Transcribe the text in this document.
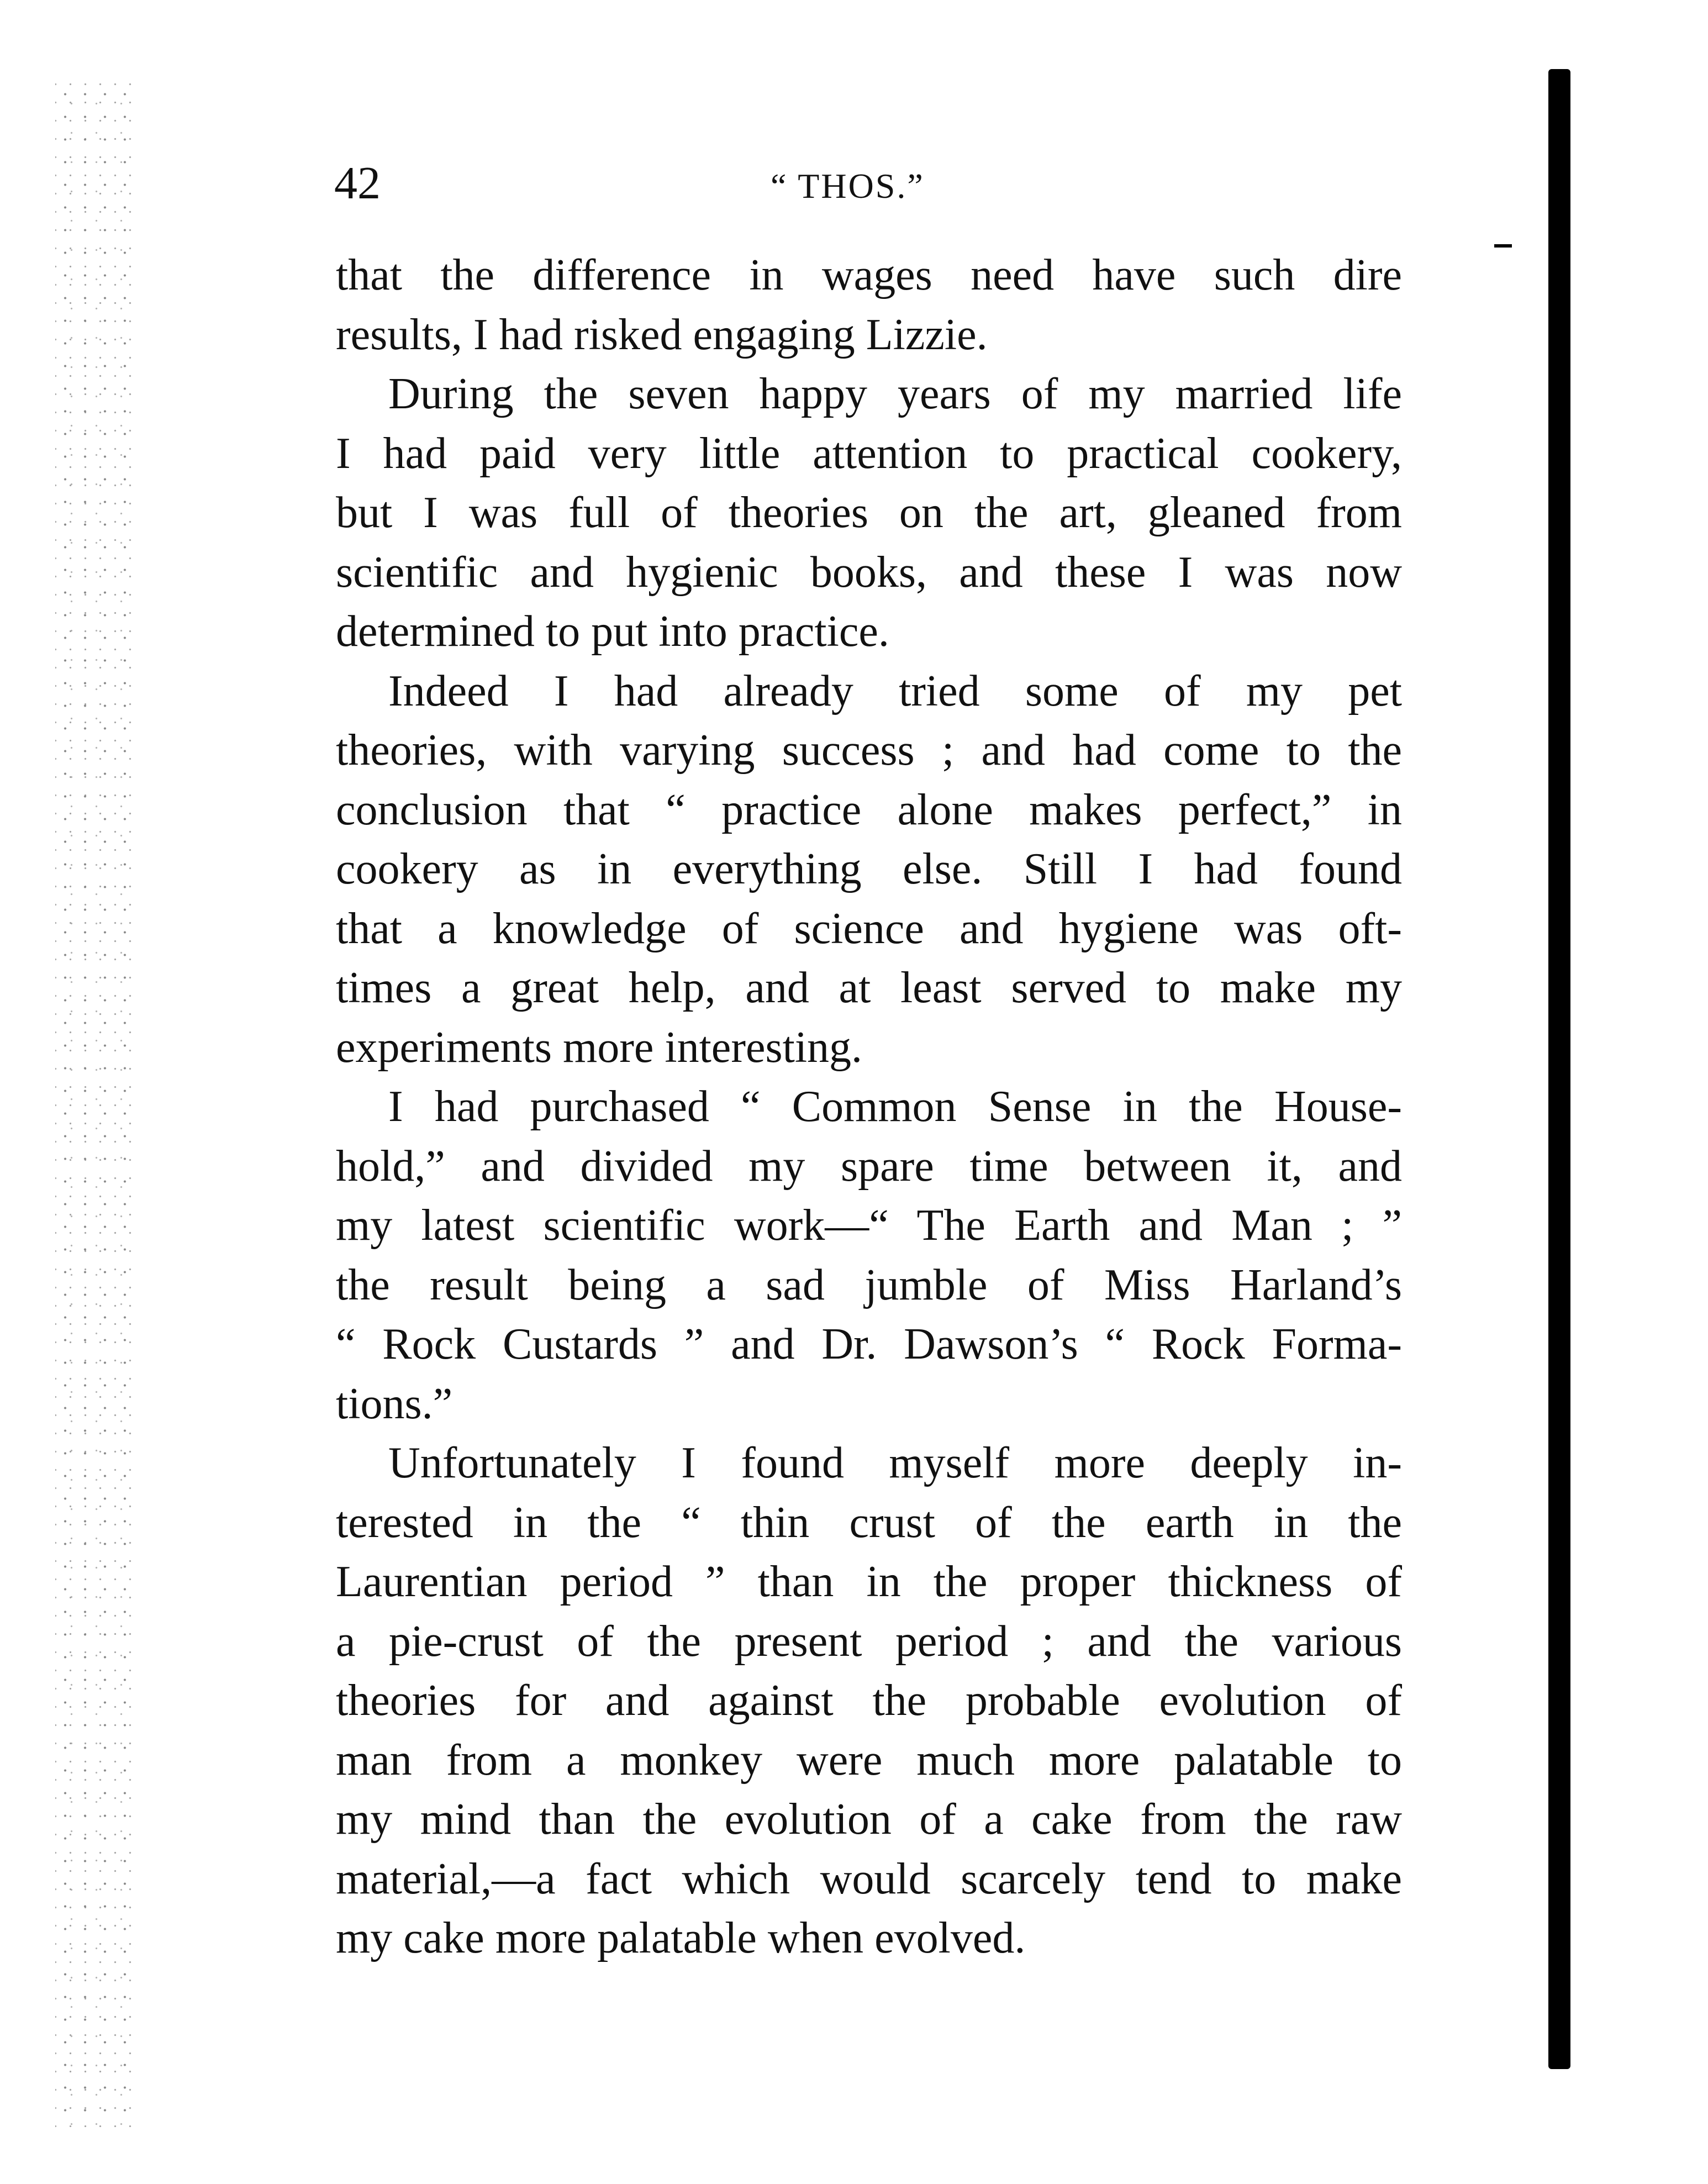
42	“ THOS.”

that the difference in wages need have such dire
results, I had risked engaging Lizzie.

During the seven happy years of my married life
I had paid very little attention to practical cookery,
but I was full of theories on the art, gleaned from
scientific and hygienic books, and these I was now
determined to put into practice.

Indeed I had already tried some of my pet
theories, with varying success ; and had come to the
conclusion that “ practice alone makes perfect,” in
cookery as in everything else. Still I had found
that a knowledge of science and hygiene was oft-
times a great help, and at least served to make my
experiments more interesting.

I had purchased “ Common Sense in the House-
hold,” and divided my spare time between it, and
my latest scientific work—“ The Earth and Man ; ”
the result being a sad jumble of Miss Harland’s
“ Rock Custards ” and Dr. Dawson’s “ Rock Forma-
tions.”

Unfortunately I found myself more deeply in-
terested in the “ thin crust of the earth in the
Laurentian period ” than in the proper thickness of
a pie-crust of the present period ; and the various
theories for and against the probable evolution of
man from a monkey were much more palatable to
my mind than the evolution of a cake from the raw
material,—a fact which would scarcely tend to make
my cake more palatable when evolved.
